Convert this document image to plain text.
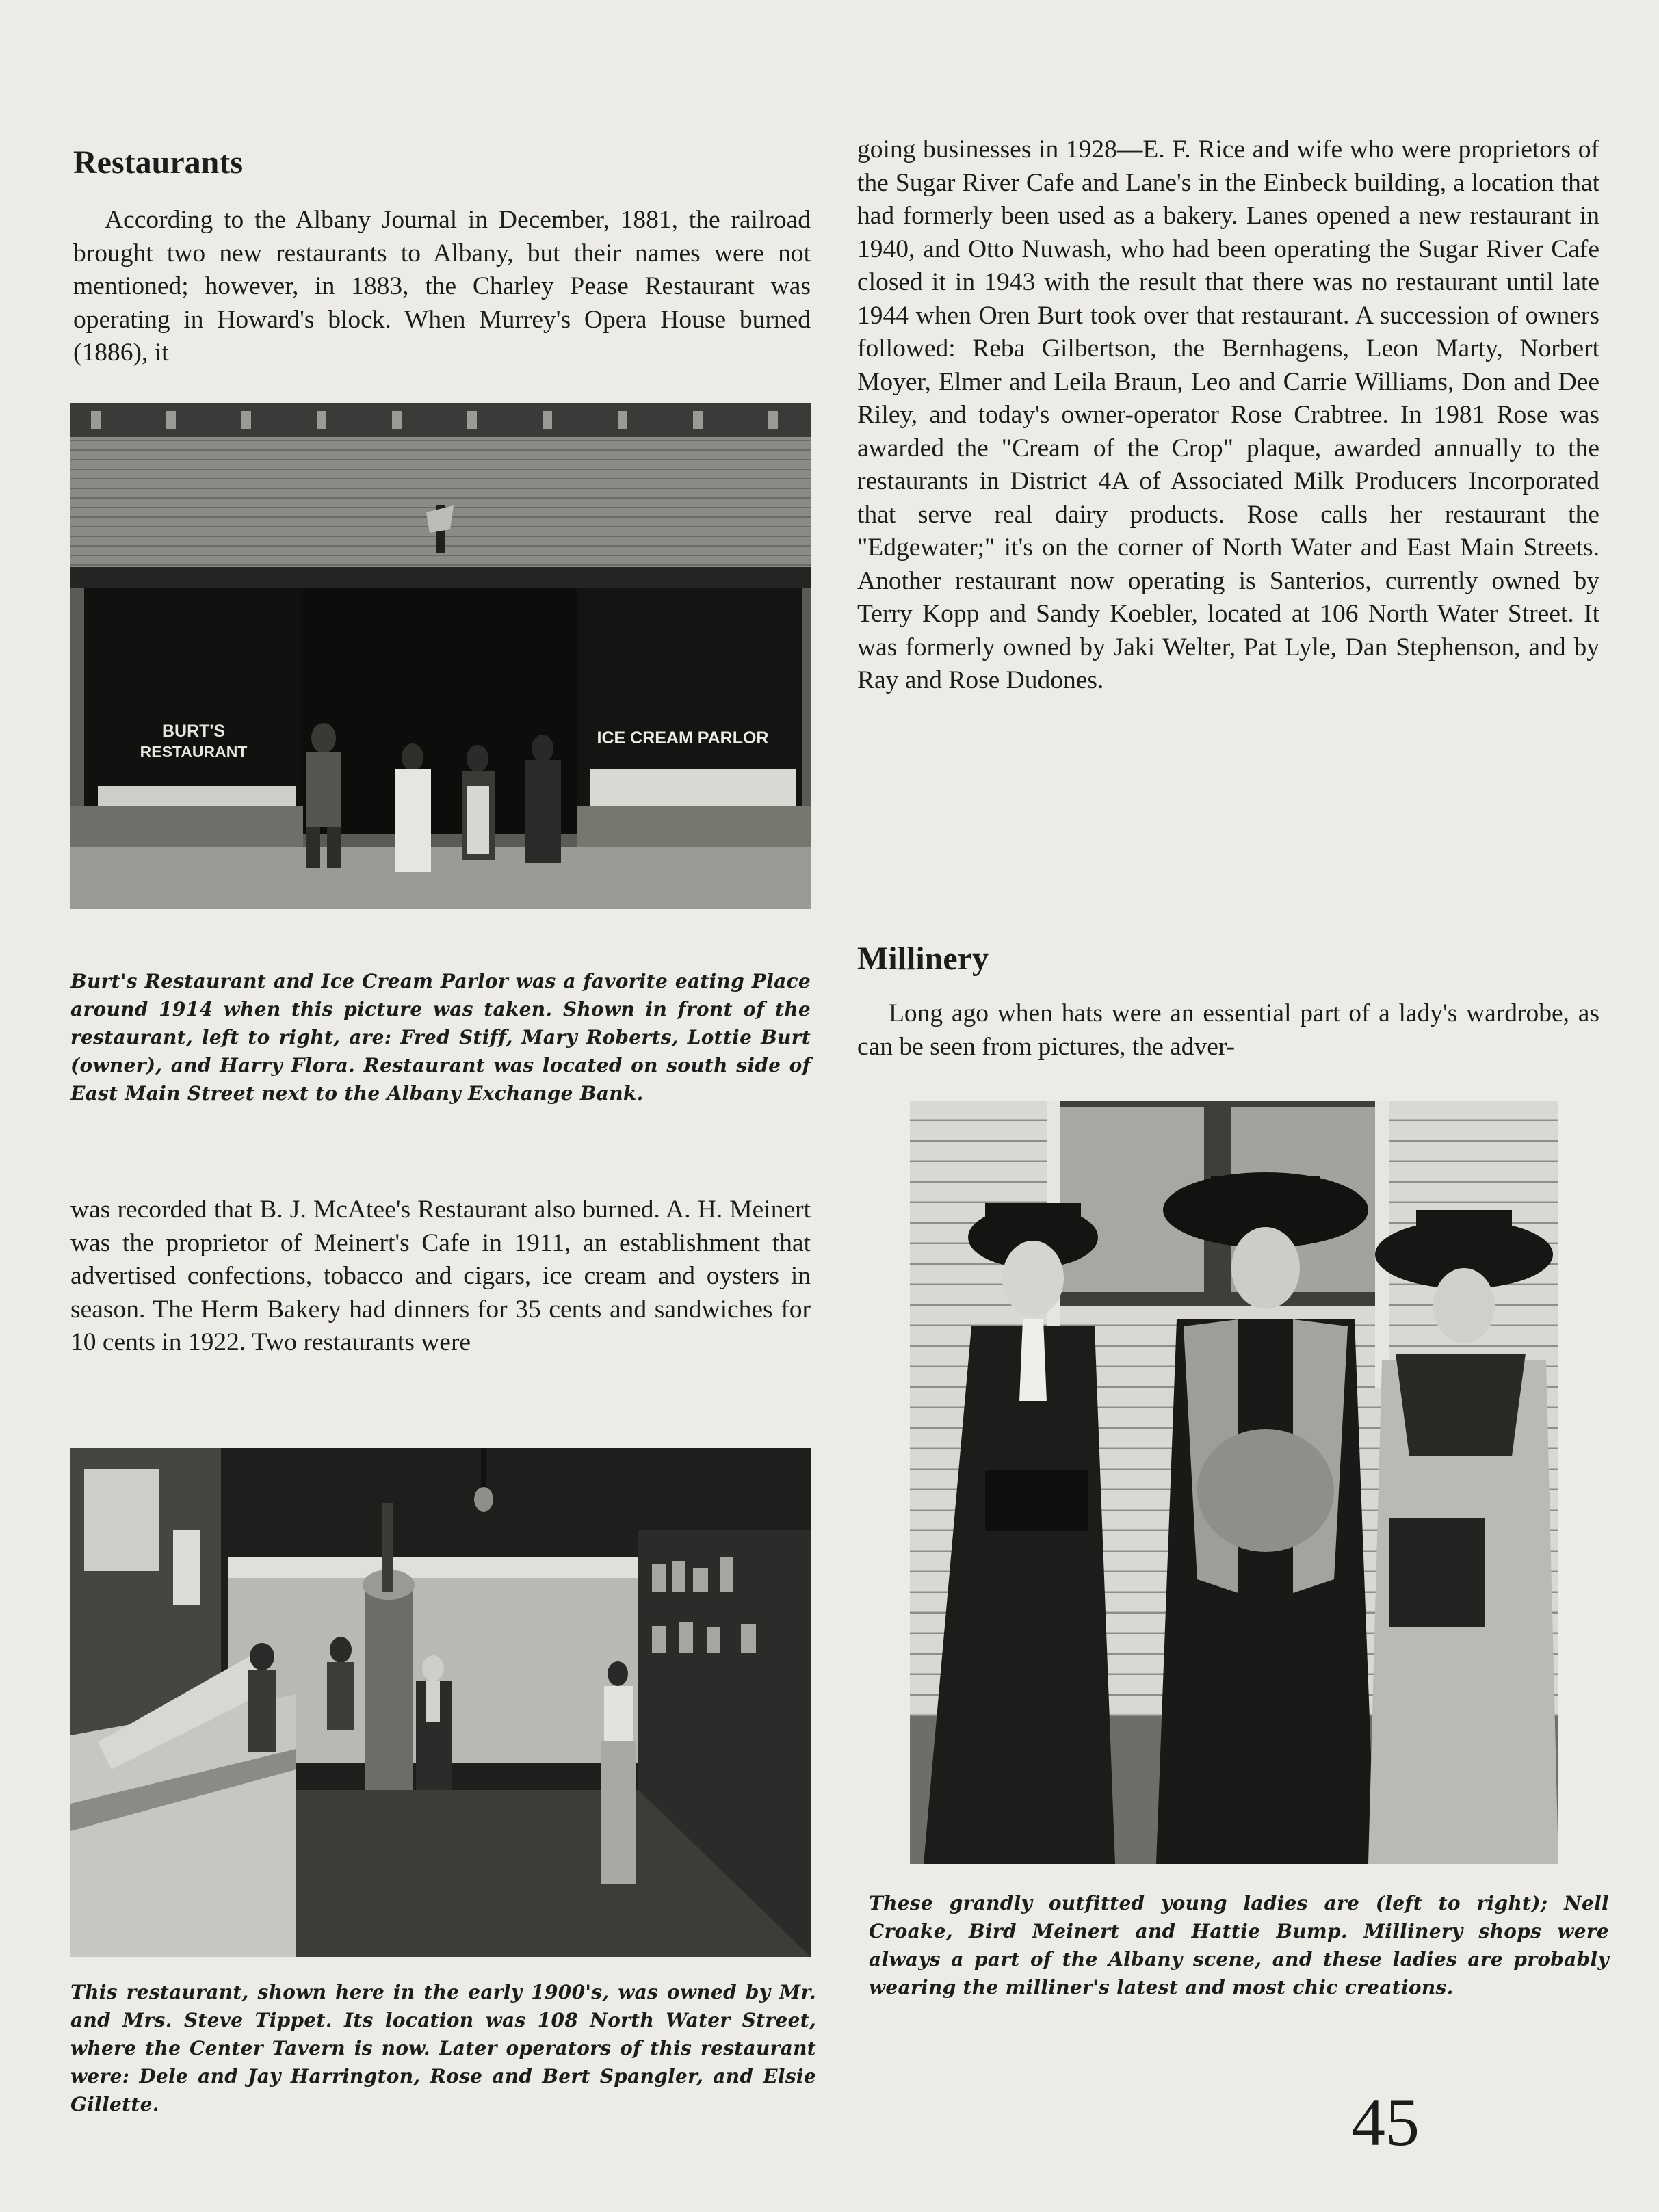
Restaurants

According to the Albany Journal in December, 1881, the railroad brought two new restaurants to Albany, but their names were not mentioned; however, in 1883, the Charley Pease Restaurant was operating in Howard's block. When Murrey's Opera House burned (1886), it

BURT'S
RESTAURANT
ICE CREAM PARLOR

Burt's Restaurant and Ice Cream Parlor was a favorite eating Place around 1914 when this picture was taken. Shown in front of the restaurant, left to right, are: Fred Stiff, Mary Roberts, Lottie Burt (owner), and Harry Flora. Restaurant was located on south side of East Main Street next to the Albany Exchange Bank.

was recorded that B. J. McAtee's Restaurant also burned. A. H. Meinert was the proprietor of Meinert's Cafe in 1911, an establishment that advertised confections, tobacco and cigars, ice cream and oysters in season. The Herm Bakery had dinners for 35 cents and sandwiches for 10 cents in 1922. Two restaurants were

This restaurant, shown here in the early 1900's, was owned by Mr. and Mrs. Steve Tippet. Its location was 108 North Water Street, where the Center Tavern is now. Later operators of this restaurant were: Dele and Jay Harrington, Rose and Bert Spangler, and Elsie Gillette.

going businesses in 1928—E. F. Rice and wife who were proprietors of the Sugar River Cafe and Lane's in the Einbeck building, a location that had formerly been used as a bakery. Lanes opened a new restaurant in 1940, and Otto Nuwash, who had been operating the Sugar River Cafe closed it in 1943 with the result that there was no restaurant until late 1944 when Oren Burt took over that restaurant. A succession of owners followed: Reba Gilbertson, the Bernhagens, Leon Marty, Norbert Moyer, Elmer and Leila Braun, Leo and Carrie Williams, Don and Dee Riley, and today's owner-operator Rose Crabtree. In 1981 Rose was awarded the "Cream of the Crop" plaque, awarded annually to the restaurants in District 4A of Associated Milk Producers Incorporated that serve real dairy products. Rose calls her restaurant the "Edgewater;" it's on the corner of North Water and East Main Streets. Another restaurant now operating is Santerios, currently owned by Terry Kopp and Sandy Koebler, located at 106 North Water Street. It was formerly owned by Jaki Welter, Pat Lyle, Dan Stephenson, and by Ray and Rose Dudones.

Millinery

Long ago when hats were an essential part of a lady's wardrobe, as can be seen from pictures, the adver-

These grandly outfitted young ladies are (left to right); Nell Croake, Bird Meinert and Hattie Bump. Millinery shops were always a part of the Albany scene, and these ladies are probably wearing the milliner's latest and most chic creations.

45
